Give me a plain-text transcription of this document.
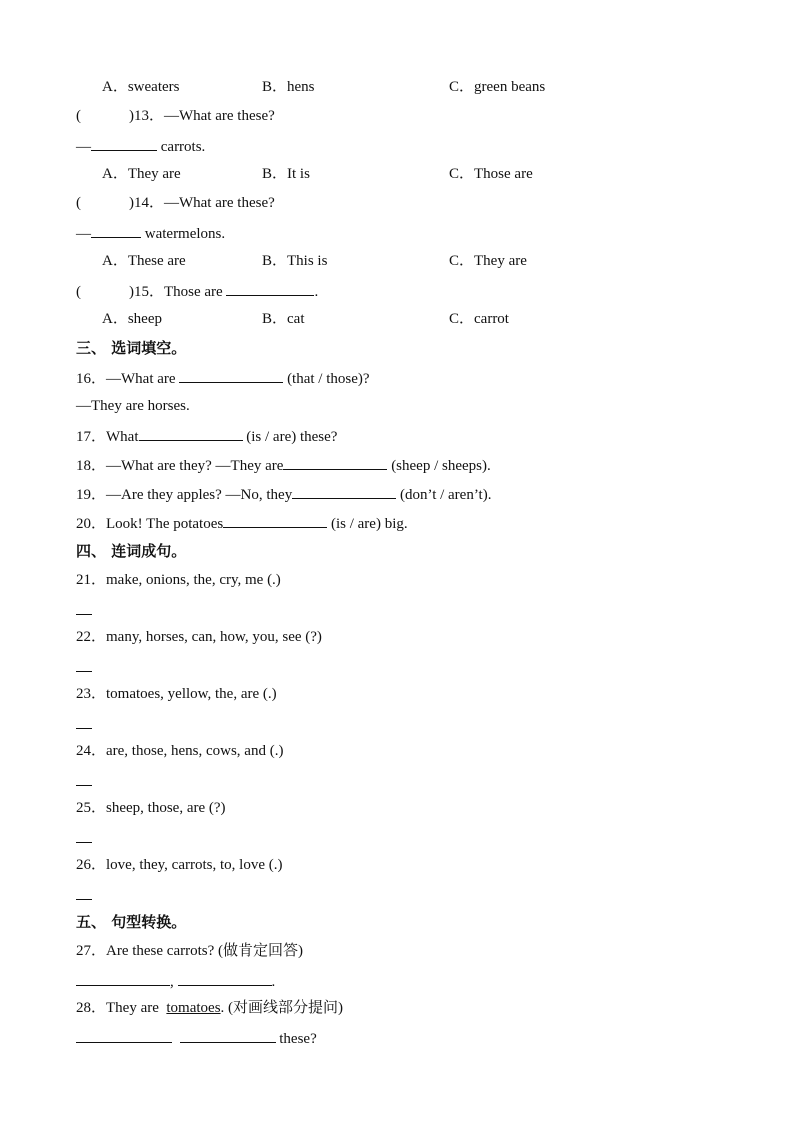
A．sweaters	B．hens	C．green beans
(	)13．—What are these?
—	carrots.
A．They are	B．It is	C．Those are
(	)14．—What are these?
—	watermelons.
A．These are	B．This is	C．They are
(	)15．Those are	.
A．sheep	B．cat	C．carrot
三、 选词填空。
16．—What are	(that / those)?
—They are horses.
17．What	(is / are) these?
18．—What are they? —They are	(sheep / sheeps).
19．—Are they apples? —No, they	(don’t / aren’t).
20．Look! The potatoes	(is / are) big.
四、 连词成句。
21．make, onions, the, cry, me (.)
22．many, horses, can, how, you, see (?)
23．tomatoes, yellow, the, are (.)
24．are, those, hens, cows, and (.)
25．sheep, those, are (?)
26．love, they, carrots, to, love (.)
五、 句型转换。
27．Are these carrots? (做肯定回答)
,	.
28．They are  tomatoes. (对画线部分提问)
these?
